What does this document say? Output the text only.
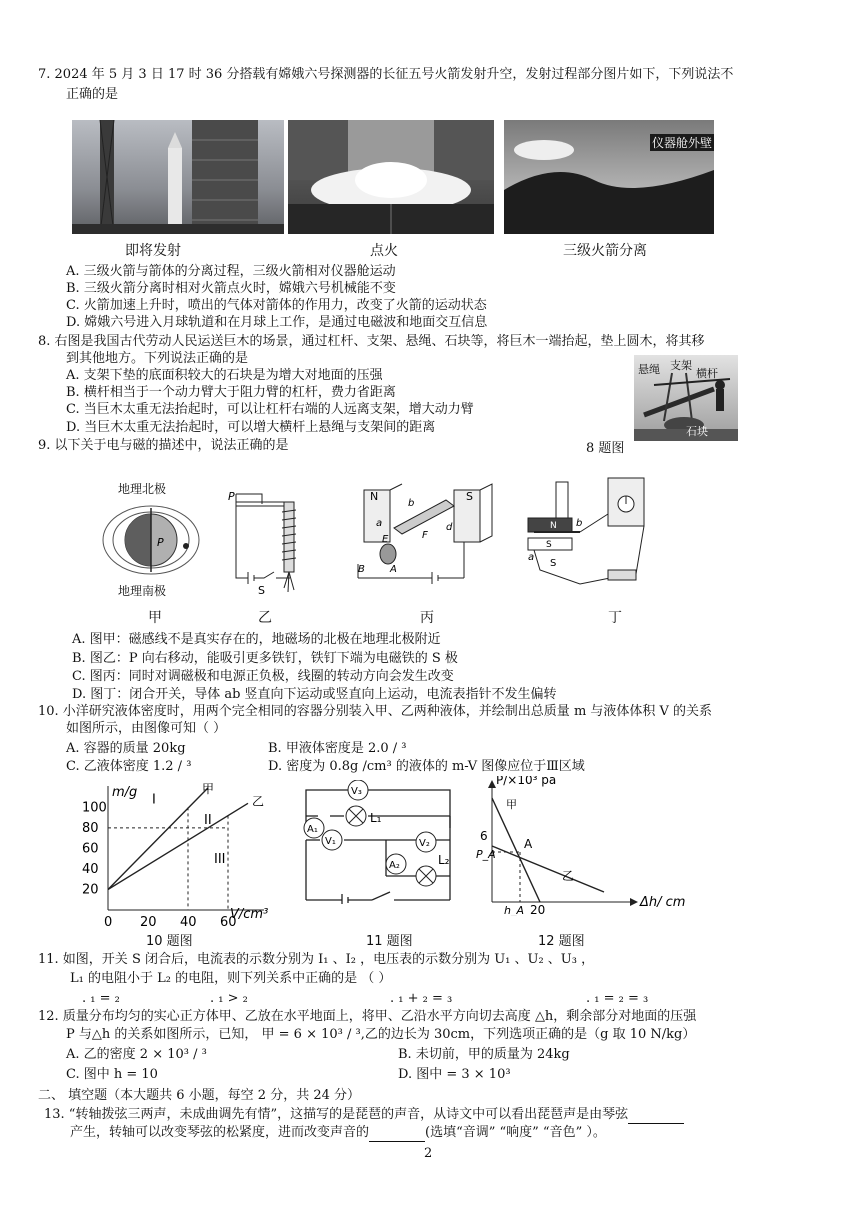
7. 2024 年 5 月 3 日 17 时 36 分搭载有嫦娥六号探测器的长征五号火箭发射升空，发射过程部分图片如下，下列说法不
正确的是
仪器舱外壁
即将发射	点火	三级火箭分离
A. 三级火箭与箭体的分离过程，三级火箭相对仪器舱运动
B. 三级火箭分离时相对火箭点火时，嫦娥六号机械能不变
C. 火箭加速上升时，喷出的气体对箭体的作用力，改变了火箭的运动状态
D. 嫦娥六号进入月球轨道和在月球上工作，是通过电磁波和地面交互信息
8. 右图是我国古代劳动人民运送巨木的场景，通过杠杆、支架、悬绳、石块等，将巨木一端抬起，垫上圆木，将其移
到其他地方。下列说法正确的是
A. 支架下垫的底面积较大的石块是为增大对地面的压强
B. 横杆相当于一个动力臂大于阻力臂的杠杆，费力省距离
C. 当巨木太重无法抬起时，可以让杠杆右端的人远离支架，增大动力臂
D. 当巨木太重无法抬起时，可以增大横杆上悬绳与支架间的距离
悬绳 支架
横杆
石块
9. 以下关于电与磁的描述中，说法正确的是	8 题图
地理北极
P
地理南极
P
S
N	S
b
a
E	F
d
B	A
N
S
b
a
S
甲	乙	丙	丁
A. 图甲：磁感线不是真实存在的，地磁场的北极在地理北极附近
B. 图乙：P 向右移动，能吸引更多铁钉，铁钉下端为电磁铁的 S 极
C. 图丙：同时对调磁极和电源正负极，线圈的转动方向会发生改变
D. 图丁：闭合开关，导体 ab 竖直向下运动或竖直向上运动，电流表指针不发生偏转
10. 小洋研究液体密度时，用两个完全相同的容器分别装入甲、乙两种液体，并绘制出总质量 m 与液体体积 V 的关系
如图所示，由图像可知（ ）
A. 容器的质量 20kg	B. 甲液体密度是 2.0 / ³
C. 乙液体密度 1.2 / ³	D. 密度为 0.8g /cm³ 的液体的 m-V 图像应位于Ⅲ区域
20
40
60
80
100
0 20 40 60
甲
乙
I
II
III
m/g
V/cm³
10 题图
V₃
A₁
V₁
A₂
V₂
L₁
L₂
11 题图
P/×10³ pa
Δh/ cm
6
P_A
A
h_A 20
甲
乙
12 题图
11. 如图，开关 S 闭合后，电流表的示数分别为 I₁ 、I₂ ，电压表的示数分别为 U₁ 、U₂ 、U₃ ，
L₁ 的电阻小于 L₂ 的电阻，则下列关系中正确的是 （ ）
. ₁ = ₂	. ₁ > ₂	. ₁ + ₂ = ₃	. ₁ = ₂ = ₃
12. 质量分布均匀的实心正方体甲、乙放在水平地面上，将甲、乙沿水平方向切去高度 △h，剩余部分对地面的压强
P 与△h 的关系如图所示，已知， 甲 = 6 × 10³ / ³,乙的边长为 30cm，下列选项正确的是（g 取 10 N/kg）
A. 乙的密度 2 × 10³ / ³	B. 未切前，甲的质量为 24kg
C. 图中 h = 10	D. 图中 = 3 × 10³
二、 填空题（本大题共 6 小题，每空 2 分，共 24 分）
13. “转轴拨弦三两声，未成曲调先有情”，这描写的是琵琶的声音，从诗文中可以看出琵琶声是由琴弦
产生，转轴可以改变琴弦的松紧度，进而改变声音的	(选填“音调” “响度” “音色” ）。
2
